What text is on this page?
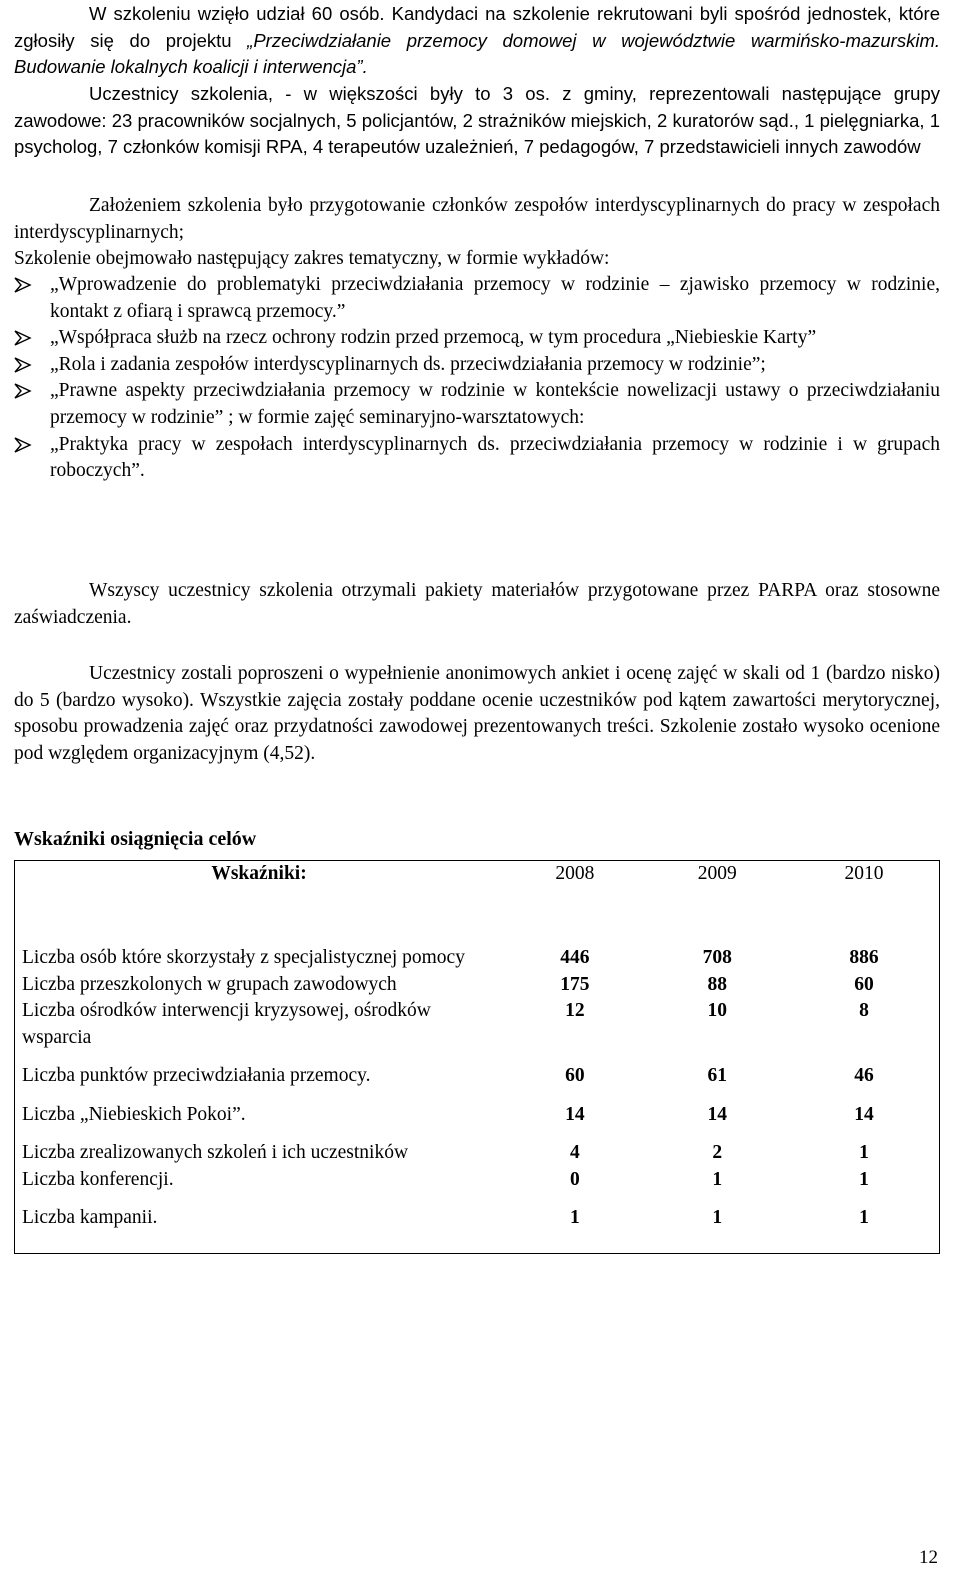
W szkoleniu wzięło udział 60 osób. Kandydaci na szkolenie rekrutowani byli spośród jednostek, które zgłosiły się do projektu „Przeciwdziałanie przemocy domowej w województwie warmińsko-mazurskim. Budowanie lokalnych koalicji i interwencja”.

Uczestnicy szkolenia, - w większości były to 3 os. z gminy, reprezentowali następujące grupy zawodowe: 23 pracowników socjalnych, 5 policjantów, 2 strażników miejskich, 2 kuratorów sąd., 1 pielęgniarka, 1 psycholog, 7 członków komisji RPA, 4 terapeutów uzależnień, 7 pedagogów, 7 przedstawicieli innych zawodów

Założeniem szkolenia było przygotowanie członków zespołów interdyscyplinarnych do pracy w zespołach interdyscyplinarnych;

Szkolenie obejmowało następujący zakres tematyczny, w formie wykładów:

„Wprowadzenie do problematyki przeciwdziałania przemocy w rodzinie – zjawisko przemocy w rodzinie, kontakt z ofiarą i sprawcą przemocy.”

„Współpraca służb na rzecz ochrony rodzin przed przemocą, w tym procedura „Niebieskie Karty”

„Rola i zadania zespołów interdyscyplinarnych ds. przeciwdziałania przemocy w rodzinie”;

„Prawne aspekty przeciwdziałania przemocy w rodzinie w kontekście nowelizacji ustawy o przeciwdziałaniu przemocy w rodzinie” ; w formie zajęć seminaryjno-warsztatowych:

„Praktyka pracy w zespołach interdyscyplinarnych ds. przeciwdziałania przemocy w rodzinie i w grupach roboczych”.

Wszyscy uczestnicy szkolenia otrzymali pakiety materiałów przygotowane przez PARPA oraz stosowne zaświadczenia.

Uczestnicy zostali poproszeni o wypełnienie anonimowych ankiet i ocenę zajęć w skali od 1 (bardzo nisko) do 5 (bardzo wysoko). Wszystkie zajęcia zostały poddane ocenie uczestników pod kątem zawartości merytorycznej, sposobu prowadzenia zajęć oraz przydatności zawodowej prezentowanych treści. Szkolenie zostało wysoko ocenione pod względem organizacyjnym (4,52).

Wskaźniki osiągnięcia celów
Wskaźniki:	2008	2009	2010

Liczba osób które skorzystały z specjalistycznej pomocy	446	708	886
Liczba przeszkolonych w grupach zawodowych	175	88	60
Liczba ośrodków interwencji kryzysowej, ośrodków wsparcia	12	10	8

Liczba punktów przeciwdziałania przemocy.	60	61	46

Liczba „Niebieskich Pokoi”.	14	14	14

Liczba zrealizowanych szkoleń i ich uczestników	4	2	1
Liczba konferencji.	0	1	1

Liczba kampanii.	1	1	1

12
